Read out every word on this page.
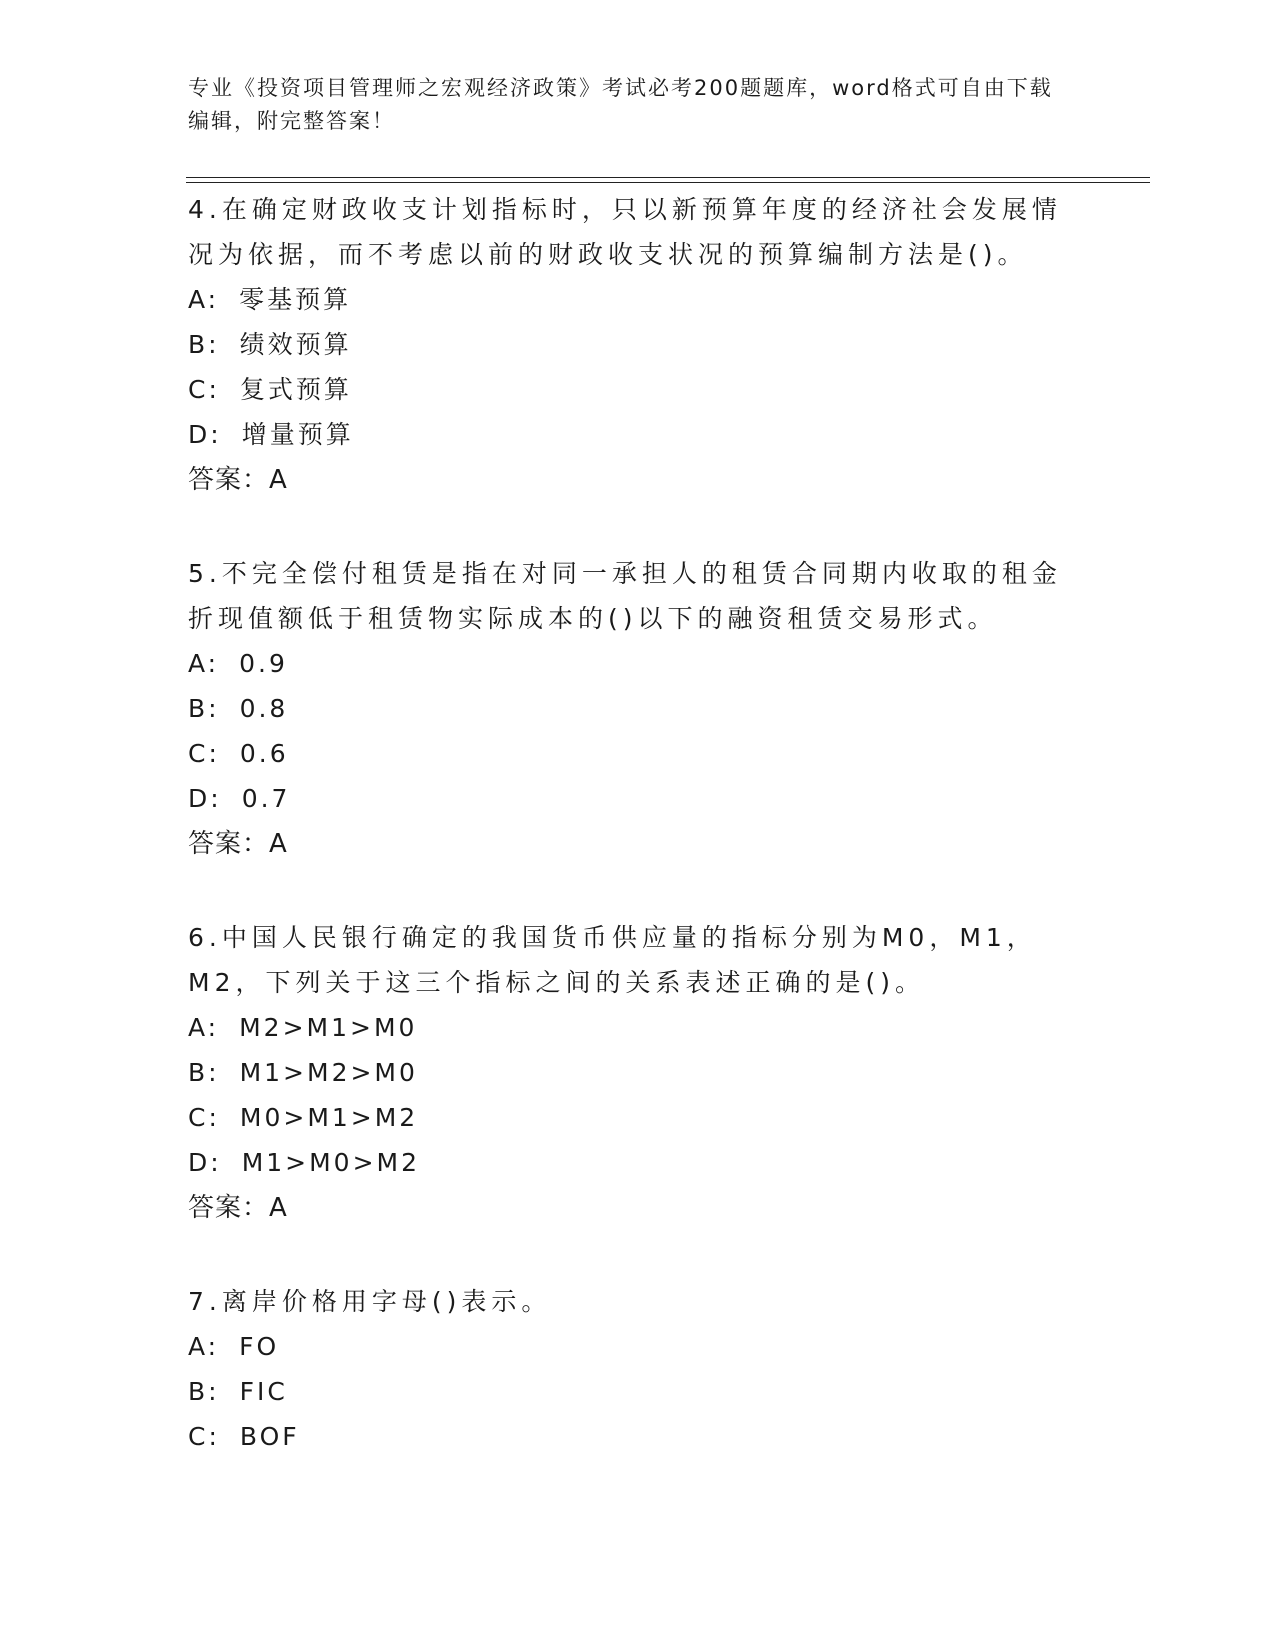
专业《投资项目管理师之宏观经济政策》考试必考200题题库，word格式可自由下载编辑，附完整答案！

4.在确定财政收支计划指标时，只以新预算年度的经济社会发展情况为依据，而不考虑以前的财政收支状况的预算编制方法是()。

A: 零基预算

B: 绩效预算

C: 复式预算

D: 增量预算

答案：A

5.不完全偿付租赁是指在对同一承担人的租赁合同期内收取的租金折现值额低于租赁物实际成本的()以下的融资租赁交易形式。

A: 0.9

B: 0.8

C: 0.6

D: 0.7

答案：A

6.中国人民银行确定的我国货币供应量的指标分别为M0，M1，M2，下列关于这三个指标之间的关系表述正确的是()。

A: M2>M1>M0

B: M1>M2>M0

C: M0>M1>M2

D: M1>M0>M2

答案：A

7.离岸价格用字母()表示。

A: FO

B: FIC

C: BOF
